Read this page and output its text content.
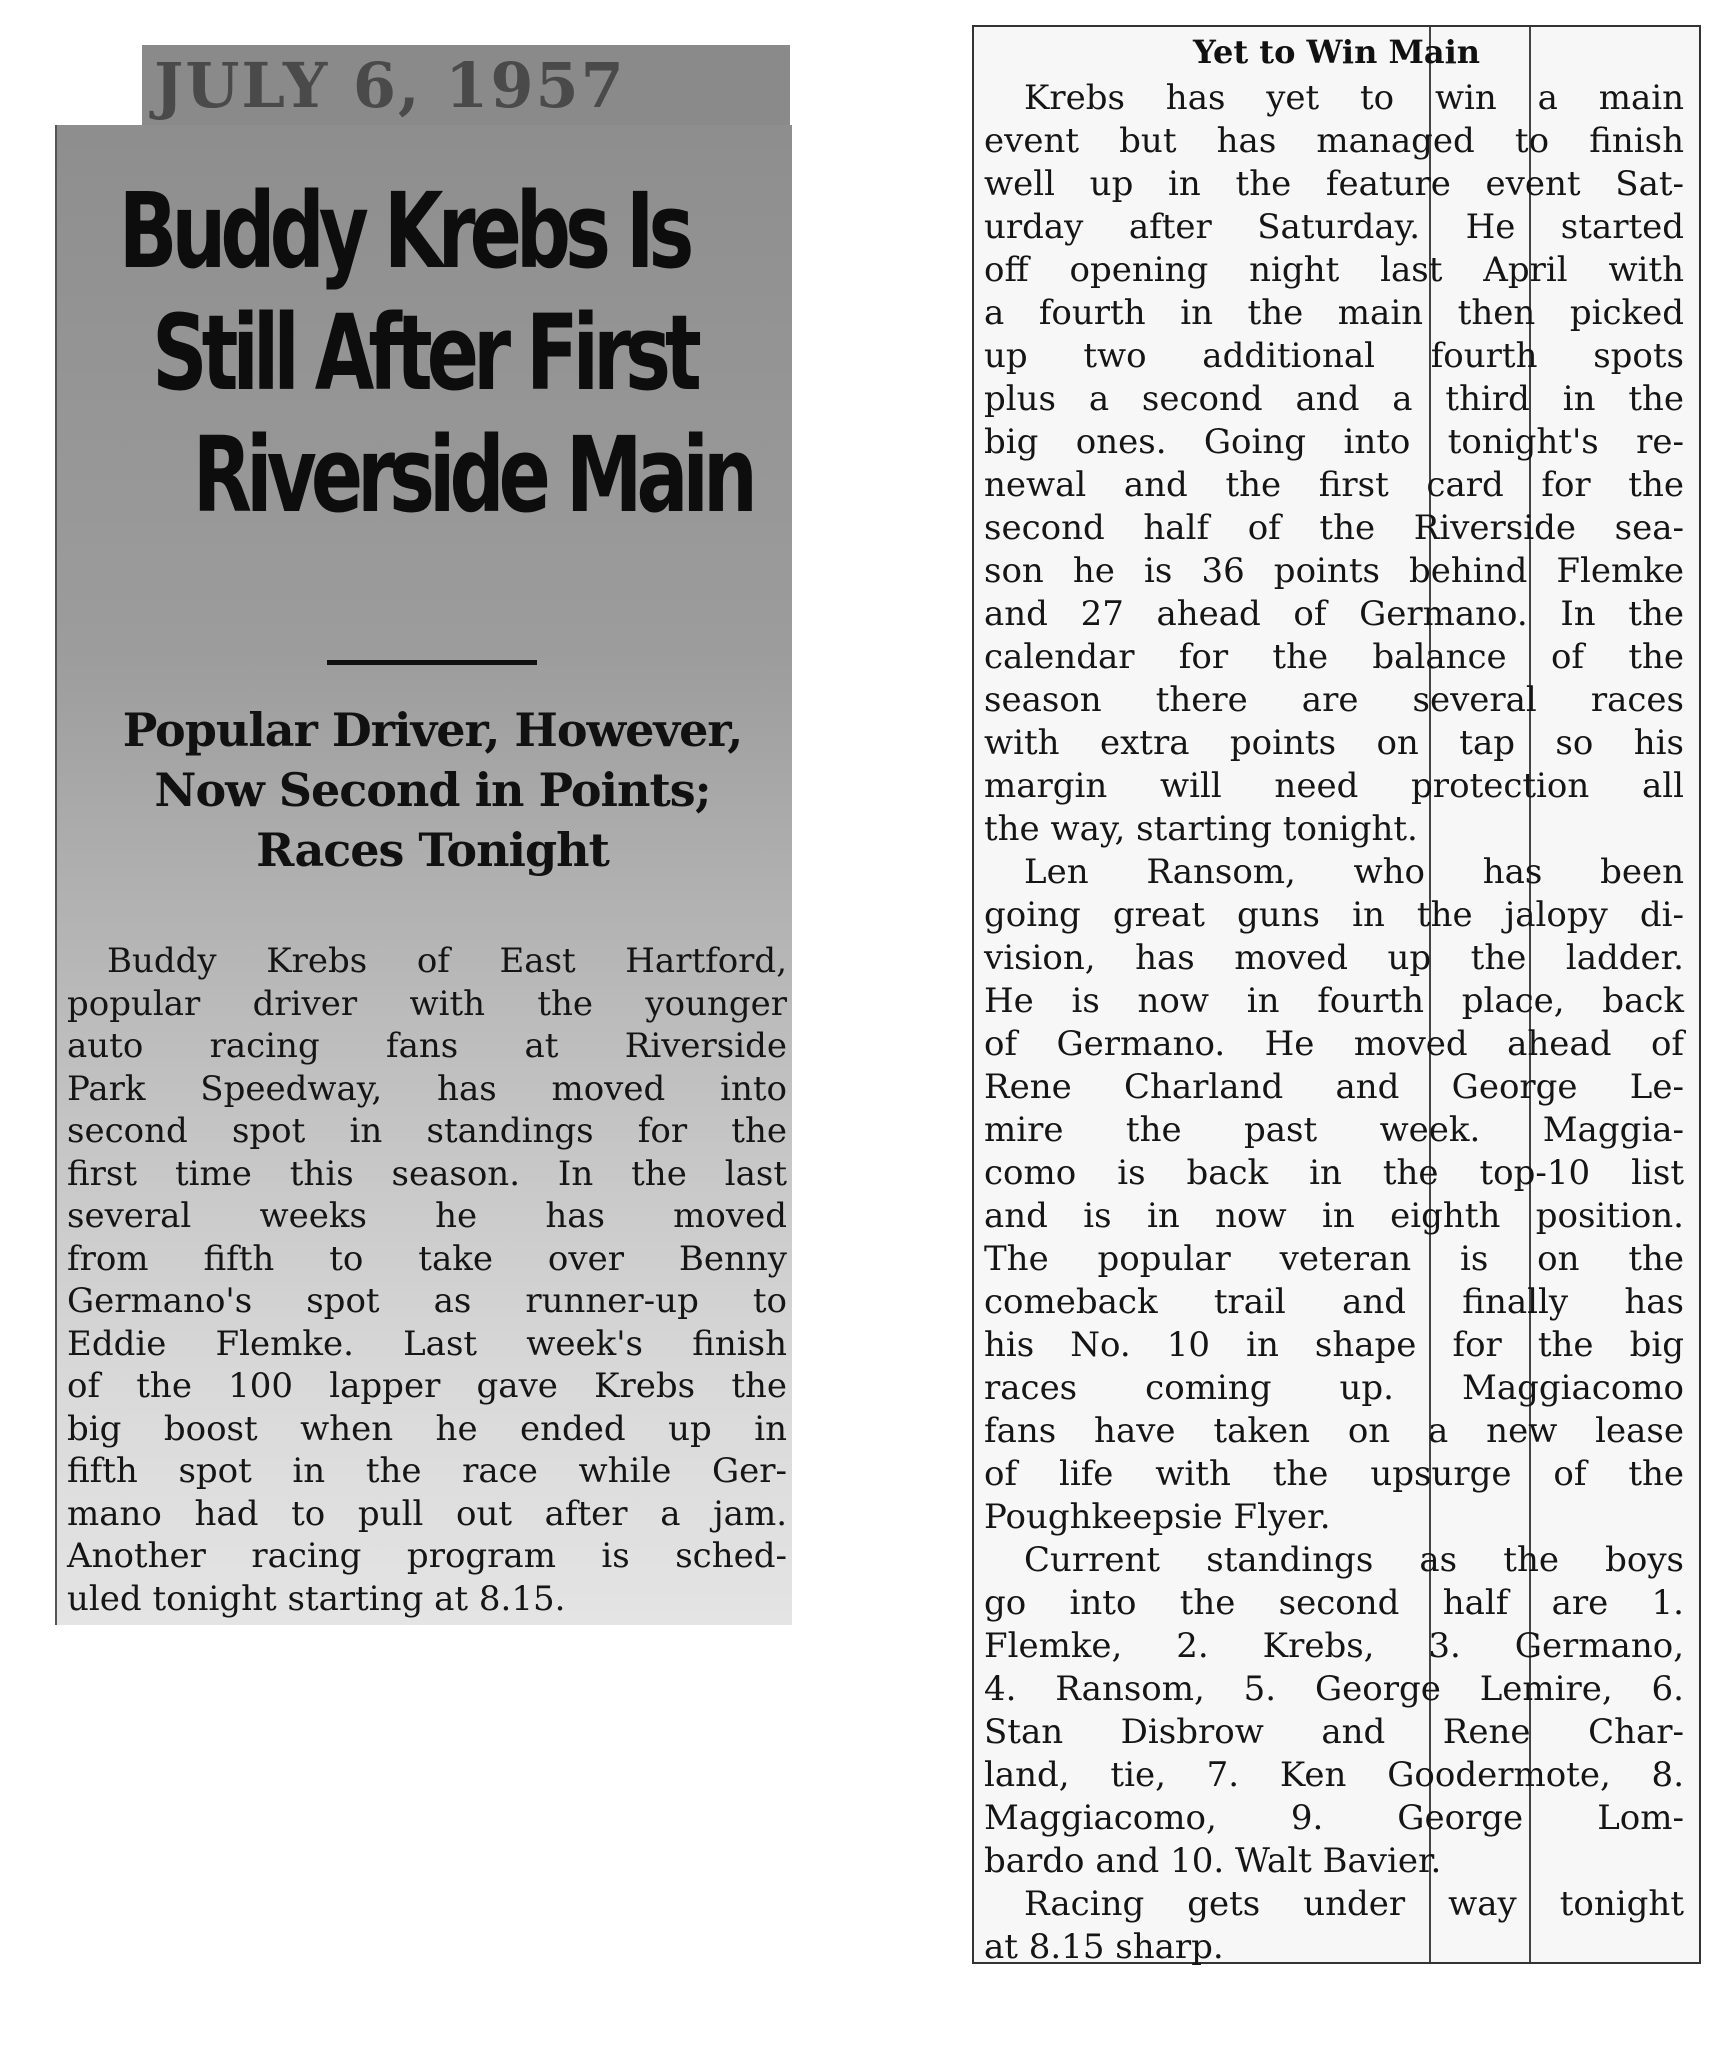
JULY 6, 1957
Buddy Krebs Is
Still After First
Riverside Main
Popular Driver, However,
Now Second in Points;
Races Tonight
Buddy Krebs of East Hartford,
popular driver with the younger
auto racing fans at Riverside
Park Speedway, has moved into
second spot in standings for the
first time this season. In the last
several weeks he has moved
from fifth to take over Benny
Germano's spot as runner-up to
Eddie Flemke. Last week's finish
of the 100 lapper gave Krebs the
big boost when he ended up in
fifth spot in the race while Ger-
mano had to pull out after a jam.
Another racing program is sched-
uled tonight starting at 8.15.
Yet to Win Main
Krebs has yet to win a main
event but has managed to finish
well up in the feature event Sat-
urday after Saturday. He started
off opening night last April with
a fourth in the main then picked
up two additional fourth spots
plus a second and a third in the
big ones. Going into tonight's re-
newal and the first card for the
second half of the Riverside sea-
son he is 36 points behind Flemke
and 27 ahead of Germano. In the
calendar for the balance of the
season there are several races
with extra points on tap so his
margin will need protection all
the way, starting tonight.
Len Ransom, who has been
going great guns in the jalopy di-
vision, has moved up the ladder.
He is now in fourth place, back
of Germano. He moved ahead of
Rene Charland and George Le-
mire the past week. Maggia-
como is back in the top-10 list
and is in now in eighth position.
The popular veteran is on the
comeback trail and finally has
his No. 10 in shape for the big
races coming up. Maggiacomo
fans have taken on a new lease
of life with the upsurge of the
Poughkeepsie Flyer.
Current standings as the boys
go into the second half are 1.
Flemke, 2. Krebs, 3. Germano,
4. Ransom, 5. George Lemire, 6.
Stan Disbrow and Rene Char-
land, tie, 7. Ken Goodermote, 8.
Maggiacomo, 9. George Lom-
bardo and 10. Walt Bavier.
Racing gets under way tonight
at 8.15 sharp.
